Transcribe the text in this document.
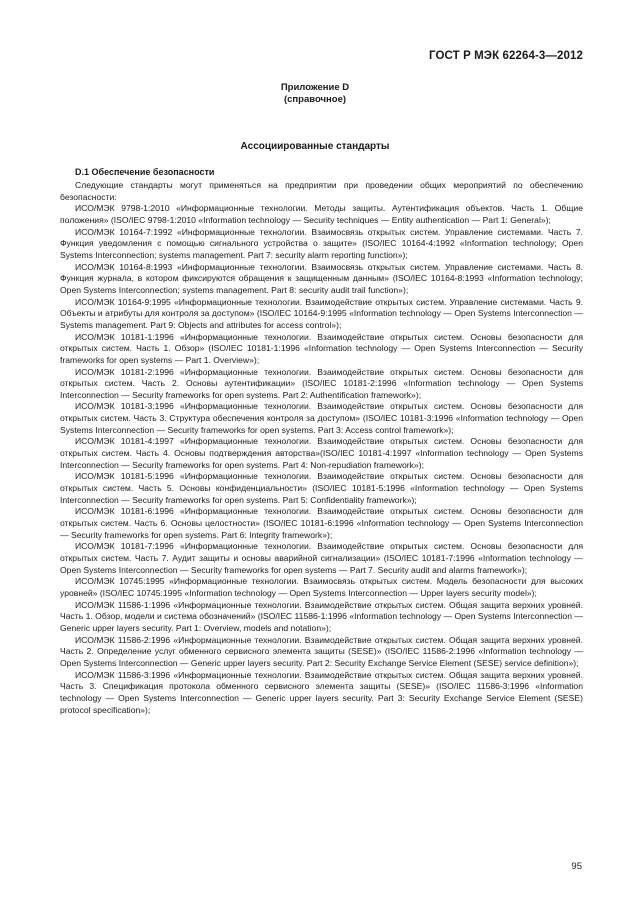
ГОСТ Р МЭК 62264-3—2012
Приложение D
(справочное)
Ассоциированные стандарты
D.1 Обеспечение безопасности

Следующие стандарты могут применяться на предприятии при проведении общих мероприятий по обеспечению безопасности:

ИСО/МЭК 9798-1:2010 «Информационные технологии. Методы защиты. Аутентификация объектов. Часть 1. Общие положения» (ISO/IEC 9798-1:2010 «Information technology — Security techniques — Entity authentication — Part 1: General»);

ИСО/МЭК 10164-7:1992 «Информационные технологии. Взаимосвязь открытых систем. Управление системами. Часть 7. Функция уведомления с помощью сигнального устройства о защите» (ISO/IEC 10164-4:1992 «Information technology; Open Systems Interconnection; systems management. Part 7: security alarm reporting function»);

ИСО/МЭК 10164-8:1993 «Информационные технологии. Взаимосвязь открытых систем. Управление системами. Часть 8. Функция журнала, в котором фиксируются обращения к защищенным данным» (ISO/IEC 10164-8:1993 «Information technology; Open Systems Interconnection; systems management. Part 8: security audit trail function»);

ИСО/МЭК 10164-9:1995 «Информационные технологии. Взаимодействие открытых систем. Управление системами. Часть 9. Объекты и атрибуты для контроля за доступом» (ISO/IEC 10164-9:1995 «Information technology — Open Systems Interconnection — Systems management. Part 9: Objects and attributes for access control»);

ИСО/МЭК 10181-1:1996 «Информационные технологии. Взаимодействие открытых систем. Основы безопасности для открытых систем. Часть 1. Обзор» (ISO/IEC 10181-1:1996 «Information technology — Open Systems Interconnection — Security frameworks for open systems — Part 1. Overview»);

ИСО/МЭК 10181-2:1996 «Информационные технологии. Взаимодействие открытых систем. Основы безопасности для открытых систем. Часть 2. Основы аутентификации» (ISO/IEC 10181-2:1996 «Information technology — Open Systems Interconnection — Security frameworks for open systems. Part 2: Authentification framework»);

ИСО/МЭК 10181-3:1996 «Информационные технологии. Взаимодействие открытых систем. Основы безопасности для открытых систем. Часть 3. Структура обеспечения контроля за доступом» (ISO/IEC 10181-3:1996 «Information technology — Open Systems Interconnection — Security frameworks for open systems. Part 3: Access control framework»);

ИСО/МЭК 10181-4:1997 «Информационные технологии. Взаимодействие открытых систем. Основы безопасности для открытых систем. Часть 4. Основы подтверждения авторства»(ISO/IEC 10181-4:1997 «Information technology — Open Systems Interconnection — Security frameworks for open systems. Part 4: Non-repudiation framework»);

ИСО/МЭК 10181-5:1996 «Информационные технологии. Взаимодействие открытых систем. Основы безопасности для открытых систем. Часть 5. Основы конфиденциальности» (ISO/IEC 10181-5:1996 «Information technology — Open Systems Interconnection — Security frameworks for open systems. Part 5: Confidentiality framework»);

ИСО/МЭК 10181-6:1996 «Информационные технологии. Взаимодействие открытых систем. Основы безопасности для открытых систем. Часть 6. Основы целостности» (ISO/IEC 10181-6:1996 «Information technology — Open Systems Interconnection — Security frameworks for open systems. Part 6: Integrity framework»);

ИСО/МЭК 10181-7:1996 «Информационные технологии. Взаимодействие открытых систем. Основы безопасности для открытых систем. Часть 7. Аудит защиты и основы аварийной сигнализации» (ISO/IEC 10181-7:1996 «Information technology — Open Systems Interconnection — Security frameworks for open systems — Part 7. Security audit and alarms framework»);

ИСО/МЭК 10745:1995 «Информационные технологии. Взаимосвязь открытых систем. Модель безопасности для высоких уровней» (ISO/IEC 10745:1995 «Information technology — Open Systems Interconnection — Upper layers security model»);

ИСО/МЭК 11586-1:1996 «Информационные технологии. Взаимодействие открытых систем. Общая защита верхних уровней. Часть 1. Обзор, модели и система обозначений» (ISO/IEC 11586-1:1996 «Information technology — Open Systems Interconnection — Generic upper layers security. Part 1: Overview, models and notation»);

ИСО/МЭК 11586-2:1996 «Информационные технологии. Взаимодействие открытых систем. Общая защита верхних уровней. Часть 2. Определение услуг обменного сервисного элемента защиты (SESE)» (ISO/IEC 11586-2:1996 «Information technology — Open Systems Interconnection — Generic upper layers security. Part 2: Security Exchange Service Element (SESE) service definition»);

ИСО/МЭК 11586-3:1996 «Информационные технологии. Взаимодействие открытых систем. Общая защита верхних уровней. Часть 3. Спецификация протокола обменного сервисного элемента защиты (SESE)» (ISO/IEC 11586-3:1996 «Information technology — Open Systems Interconnection — Generic upper layers security. Part 3: Security Exchange Service Element (SESE) protocol specification»);

95
